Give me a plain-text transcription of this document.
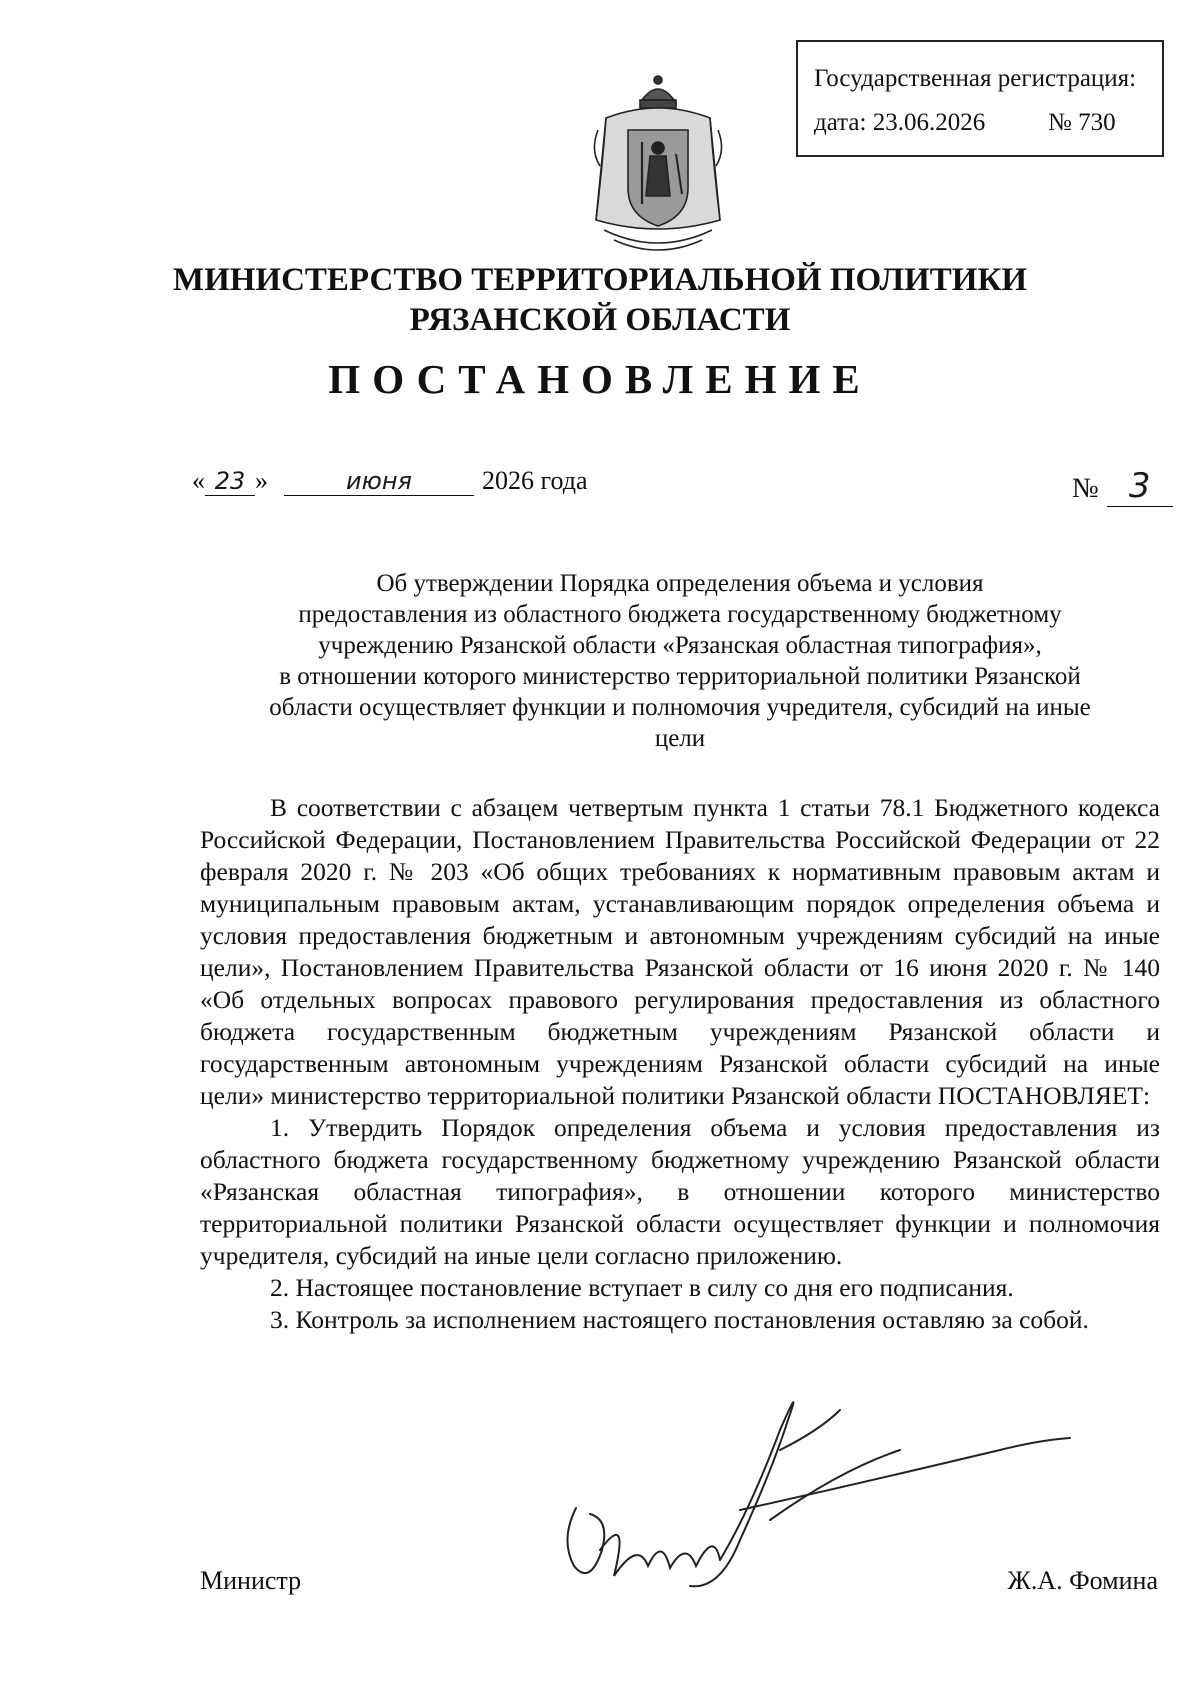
Государственная регистрация:
дата: 23.06.2026	№ 730
МИНИСТЕРСТВО ТЕРРИТОРИАЛЬНОЙ ПОЛИТИКИ
РЯЗАНСКОЙ ОБЛАСТИ
ПОСТАНОВЛЕНИЕ
« 23 »	июня	2026 года	№ 3
Об утверждении Порядка определения объема и условия
предоставления из областного бюджета государственному бюджетному
учреждению Рязанской области «Рязанская областная типография»,
в отношении которого министерство территориальной политики Рязанской
области осуществляет функции и полномочия учредителя, субсидий на иные
цели

В соответствии с абзацем четвертым пункта 1 статьи 78.1 Бюджетного кодекса Российской Федерации, Постановлением Правительства Российской Федерации от 22 февраля 2020 г. № 203 «Об общих требованиях к нормативным правовым актам и муниципальным правовым актам, устанавливающим порядок определения объема и условия предоставления бюджетным и автономным учреждениям субсидий на иные цели», Постановлением Правительства Рязанской области от 16 июня 2020 г. № 140 «Об отдельных вопросах правового регулирования предоставления из областного бюджета государственным бюджетным учреждениям Рязанской области и государственным автономным учреждениям Рязанской области субсидий на иные цели» министерство территориальной политики Рязанской области ПОСТАНОВЛЯЕТ:

1. Утвердить Порядок определения объема и условия предоставления из областного бюджета государственному бюджетному учреждению Рязанской области «Рязанская областная типография», в отношении которого министерство территориальной политики Рязанской области осуществляет функции и полномочия учредителя, субсидий на иные цели согласно приложению.

2. Настоящее постановление вступает в силу со дня его подписания.

3. Контроль за исполнением настоящего постановления оставляю за собой.

Министр	Ж.А. Фомина
